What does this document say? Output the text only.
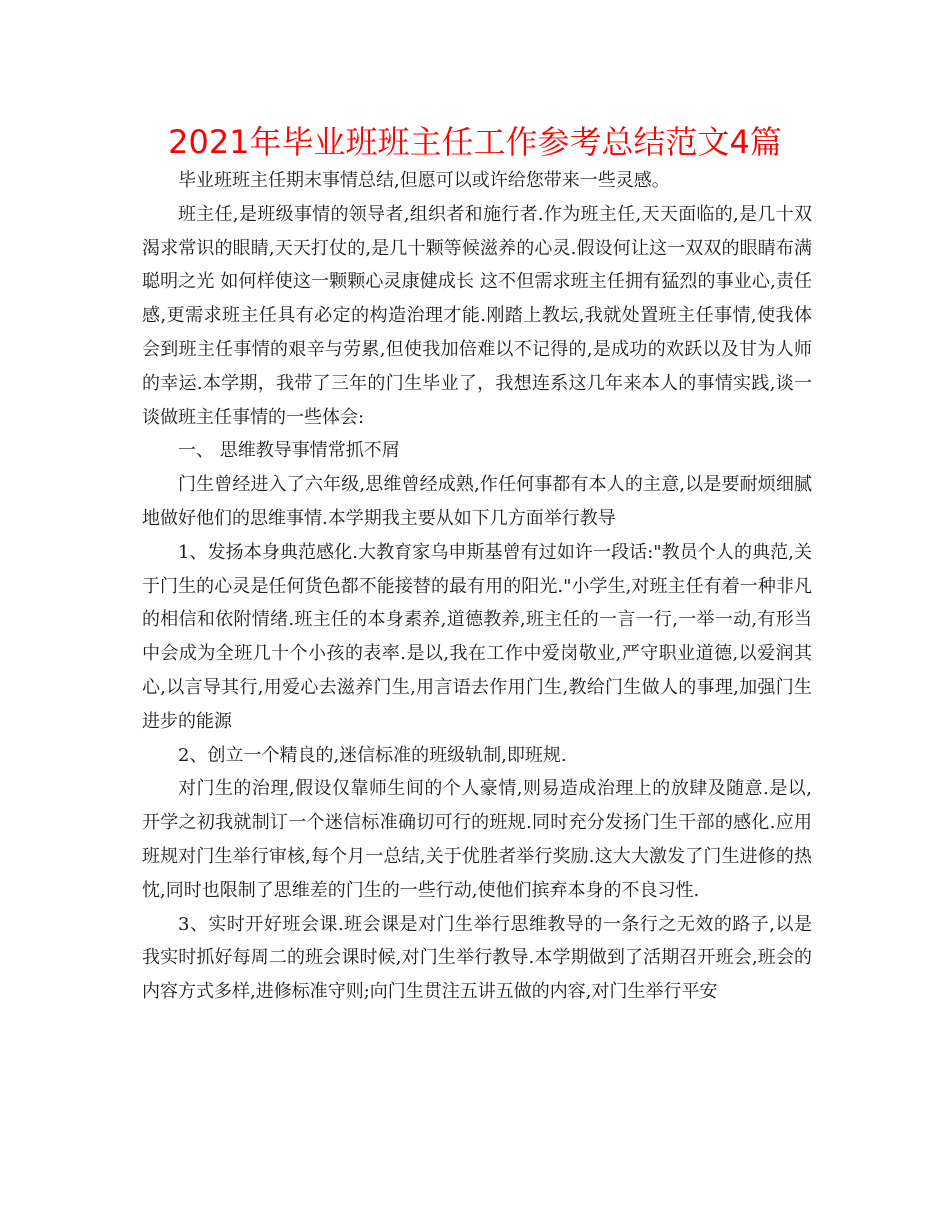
2021年毕业班班主任工作参考总结范文4篇

毕业班班主任期末事情总结,但愿可以或许给您带来一些灵感。

班主任,是班级事情的领导者,组织者和施行者.作为班主任,天天面临的,是几十双渴求常识的眼睛,天天打仗的,是几十颗等候滋养的心灵.假设何让这一双双的眼睛布满聪明之光 如何样使这一颗颗心灵康健成长 这不但需求班主任拥有猛烈的事业心,责任感,更需求班主任具有必定的构造治理才能.刚踏上教坛,我就处置班主任事情,使我体会到班主任事情的艰辛与劳累,但使我加倍难以不记得的,是成功的欢跃以及甘为人师的幸运.本学期，我带了三年的门生毕业了，我想连系这几年来本人的事情实践,谈一谈做班主任事情的一些体会:

一、 思维教导事情常抓不屑

门生曾经进入了六年级,思维曾经成熟,作任何事都有本人的主意,以是要耐烦细腻地做好他们的思维事情.本学期我主要从如下几方面举行教导

1、发扬本身典范感化.大教育家乌申斯基曾有过如许一段话:"教员个人的典范,关于门生的心灵是任何货色都不能接替的最有用的阳光."小学生,对班主任有着一种非凡的相信和依附情绪.班主任的本身素养,道德教养,班主任的一言一行,一举一动,有形当中会成为全班几十个小孩的表率.是以,我在工作中爱岗敬业,严守职业道德,以爱润其心,以言导其行,用爱心去滋养门生,用言语去作用门生,教给门生做人的事理,加强门生进步的能源

2、创立一个精良的,迷信标准的班级轨制,即班规.

对门生的治理,假设仅靠师生间的个人豪情,则易造成治理上的放肆及随意.是以,开学之初我就制订一个迷信标准确切可行的班规.同时充分发扬门生干部的感化.应用班规对门生举行审核,每个月一总结,关于优胜者举行奖励.这大大激发了门生进修的热忱,同时也限制了思维差的门生的一些行动,使他们摈弃本身的不良习性.

3、实时开好班会课.班会课是对门生举行思维教导的一条行之无效的路子,以是我实时抓好每周二的班会课时候,对门生举行教导.本学期做到了活期召开班会,班会的内容方式多样,进修标准守则;向门生贯注五讲五做的内容,对门生举行平安
